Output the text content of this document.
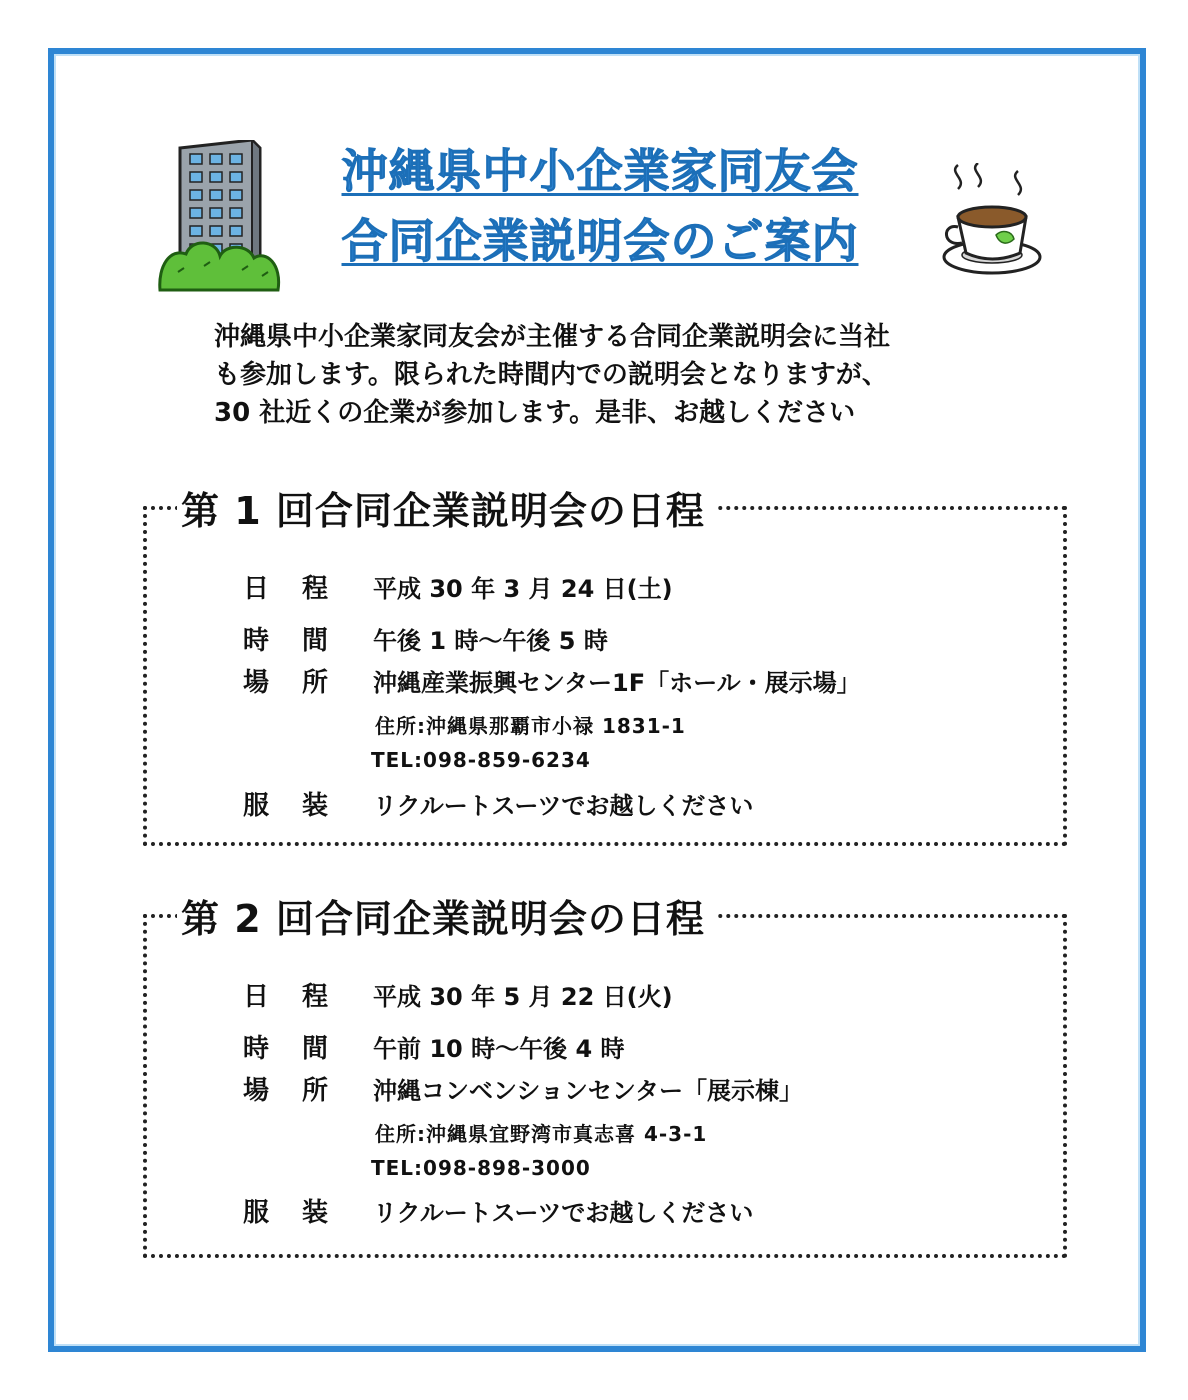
沖縄県中小企業家同友会
合同企業説明会のご案内

沖縄県中小企業家同友会が主催する合同企業説明会に当社

も参加します。限られた時間内での説明会となりますが、

30 社近くの企業が参加します。是非、お越しください

第 1 回合同企業説明会の日程
日 程 平成 30 年 3 月 24 日(土)
時 間 午後 1 時～午後 5 時
場 所 沖縄産業振興センター1F「ホール・展示場」
住所:沖縄県那覇市小禄 1831-1
TEL:098-859-6234
服 装 リクルートスーツでお越しください
第 2 回合同企業説明会の日程
日 程 平成 30 年 5 月 22 日(火)
時 間 午前 10 時～午後 4 時
場 所 沖縄コンベンションセンター「展示棟」
住所:沖縄県宜野湾市真志喜 4-3-1
TEL:098-898-3000
服 装 リクルートスーツでお越しください
